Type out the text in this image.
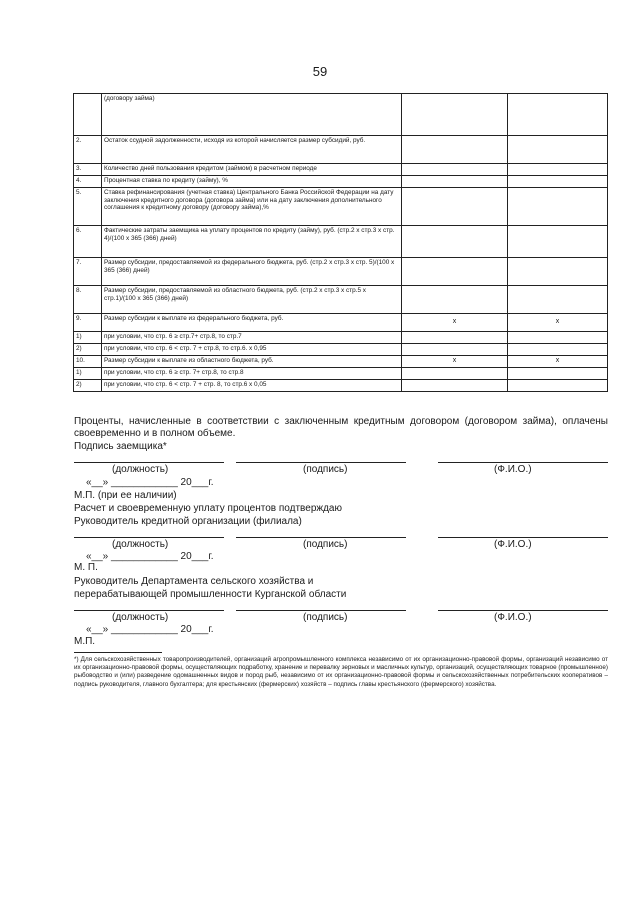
59
	(договору займа)		
2.	Остаток ссудной задолженности, исходя из которой начисляется размер субсидий, руб.		
3.	Количество дней пользования кредитом (займом) в расчетном периоде		
4.	Процентная ставка по кредиту (займу), %		
5.	Ставка рефинансирования (учетная ставка) Центрального Банка Российской Федерации на дату заключения кредитного договора (договора займа) или на дату заключения дополнительного соглашения к кредитному договору (договору займа),%		
6.	Фактические затраты заемщика на уплату процентов по кредиту (займу), руб. (стр.2 х стр.3 х стр. 4)/(100 х 365 (366) дней)		
7.	Размер субсидии, предоставляемой из федерального бюджета, руб. (стр.2 х стр.3 х стр. 5)/(100 х 365 (366) дней)		
8.	Размер субсидии, предоставляемой из областного бюджета, руб. (стр.2 х стр.3 х стр.5 х стр.1)/(100 х 365 (366) дней)		
9.	Размер субсидии к выплате из федерального бюджета, руб.	х	х
1)	при условии, что стр. 6 ≥ стр.7+ стр.8, то стр.7		
2)	при условии, что стр. 6 < стр. 7 + стр.8, то стр.6. х 0,95		
10.	Размер субсидии к выплате из областного бюджета, руб.	х	х
1)	при условии, что стр. 6 ≥ стр. 7+ стр.8, то стр.8		
2)	при условии, что стр. 6 < стр. 7 + стр. 8, то стр.6 х 0,05		
Проценты, начисленные в соответствии с заключенным кредитным договором (договором займа), оплачены своевременно и в полном объеме.
Подпись заемщика*
(должность)	(подпись)	(Ф.И.О.)
«__» ____________ 20___г.
М.П. (при ее наличии)
Расчет и своевременную уплату процентов подтверждаю
Руководитель кредитной организации (филиала)
(должность)	(подпись)	(Ф.И.О.)
«__» ____________ 20___г.
М. П.
Руководитель Департамента сельского хозяйства и
перерабатывающей промышленности Курганской области
(должность)	(подпись)	(Ф.И.О.)
«__» ____________ 20___г.
М.П.
*) Для сельскохозяйственных товаропроизводителей, организаций агропромышленного комплекса независимо от их организационно-правовой формы, организаций независимо от их организационно-правовой формы, осуществляющих подработку, хранение и перевалку зерновых и масличных культур, организаций, осуществляющих товарное (промышленное) рыбоводство и (или) разведение одомашненных видов и пород рыб, независимо от их организационно-правовой формы и сельскохозяйственных потребительских кооперативов – подпись руководителя, главного бухгалтера; для крестьянских (фермерских) хозяйств – подпись главы крестьянского (фермерского) хозяйства.
